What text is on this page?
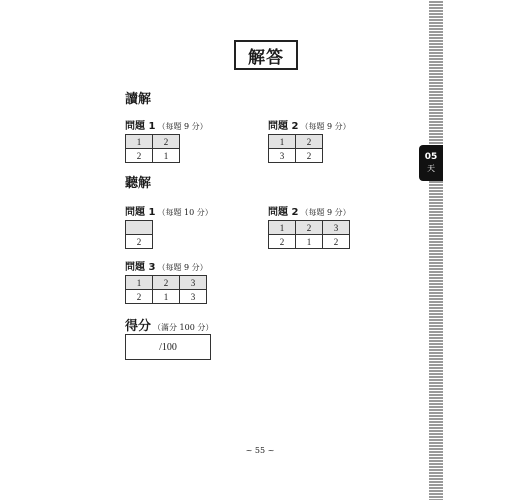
解答
讀解
問題 1 （每題 9 分）
1	2
2	1
問題 2 （每題 9 分）
1	2
3	2
聽解
問題 1 （每題 10 分）

2
問題 2 （每題 9 分）
1	2	3
2	1	2
問題 3 （每題 9 分）
1	2	3
2	1	3
得分 （滿分 100 分）
/100
~ 55 ~
05
天
